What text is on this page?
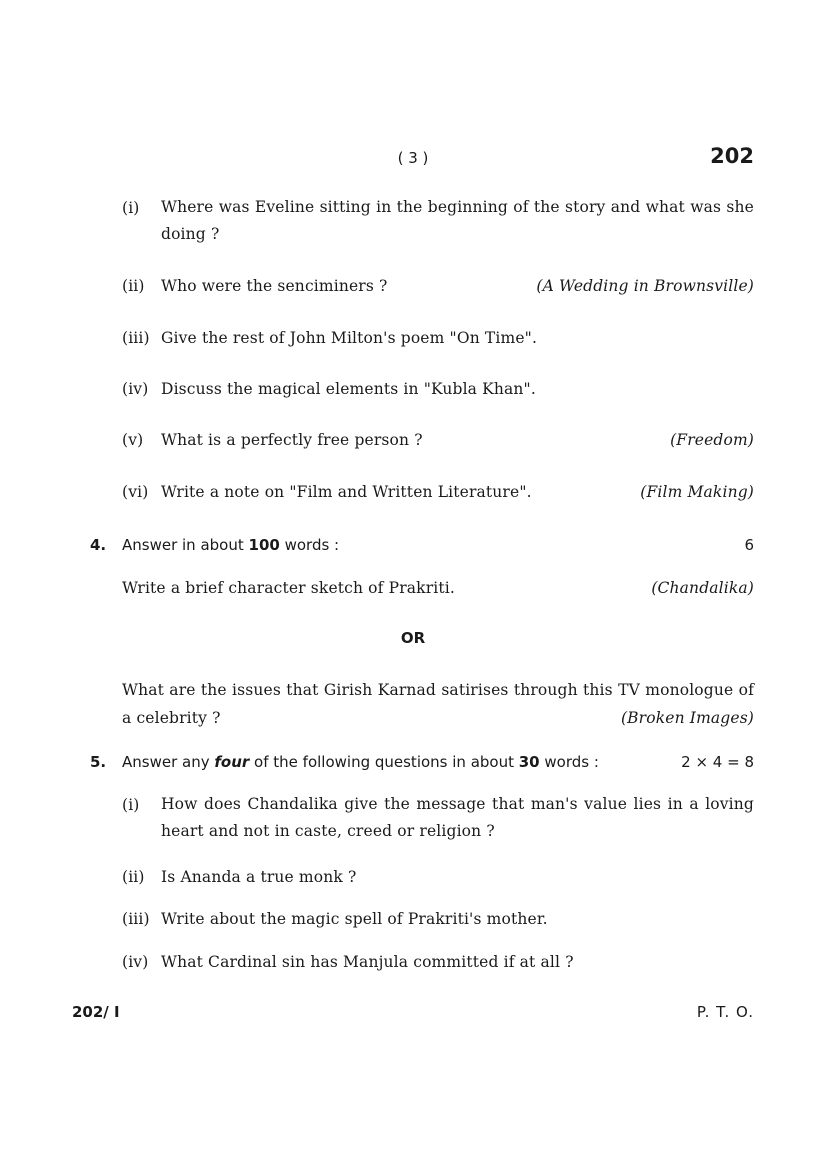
( 3 )	202
(i) Where was Eveline sitting in the beginning of the story and what was she doing ?
(ii) Who were the senciminers ?	(A Wedding in Brownsville)
(iii) Give the rest of John Milton's poem "On Time".
(iv) Discuss the magical elements in "Kubla Khan".
(v) What is a perfectly free person ?	(Freedom)
(vi) Write a note on "Film and Written Literature".	(Film Making)
4. Answer in about 100 words :	6
Write a brief character sketch of Prakriti.	(Chandalika)
OR
What are the issues that Girish Karnad satirises through this TV monologue of a celebrity ?	(Broken Images)
5. Answer any four of the following questions in about 30 words :	2 × 4 = 8
(i) How does Chandalika give the message that man's value lies in a loving heart and not in caste, creed or religion ?
(ii) Is Ananda a true monk ?
(iii) Write about the magic spell of Prakriti's mother.
(iv) What Cardinal sin has Manjula committed if at all ?
202/ I	P. T. O.
